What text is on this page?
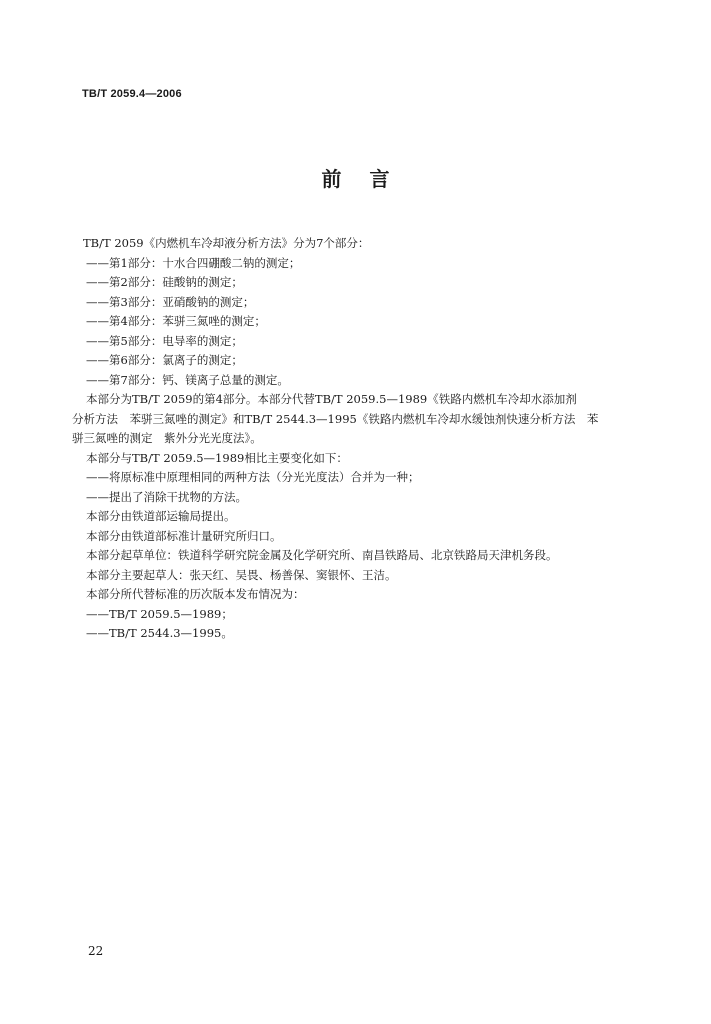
TB/T 2059.4—2006
前 言
TB/T 2059《内燃机车冷却液分析方法》分为7个部分：
——第1部分：十水合四硼酸二钠的测定；
——第2部分：硅酸钠的测定；
——第3部分：亚硝酸钠的测定；
——第4部分：苯骈三氮唑的测定；
——第5部分：电导率的测定；
——第6部分：氯离子的测定；
——第7部分：钙、镁离子总量的测定。
本部分为TB/T 2059的第4部分。本部分代替TB/T 2059.5—1989《铁路内燃机车冷却水添加剂
分析方法　苯骈三氮唑的测定》和TB/T 2544.3—1995《铁路内燃机车冷却水缓蚀剂快速分析方法　苯
骈三氮唑的测定　紫外分光光度法》。
本部分与TB/T 2059.5—1989相比主要变化如下：
——将原标准中原理相同的两种方法（分光光度法）合并为一种；
——提出了消除干扰物的方法。
本部分由铁道部运输局提出。
本部分由铁道部标准计量研究所归口。
本部分起草单位：铁道科学研究院金属及化学研究所、南昌铁路局、北京铁路局天津机务段。
本部分主要起草人：张天红、吴畏、杨善保、窦银怀、王洁。
本部分所代替标准的历次版本发布情况为：
——TB/T 2059.5—1989；
——TB/T 2544.3—1995。
22
